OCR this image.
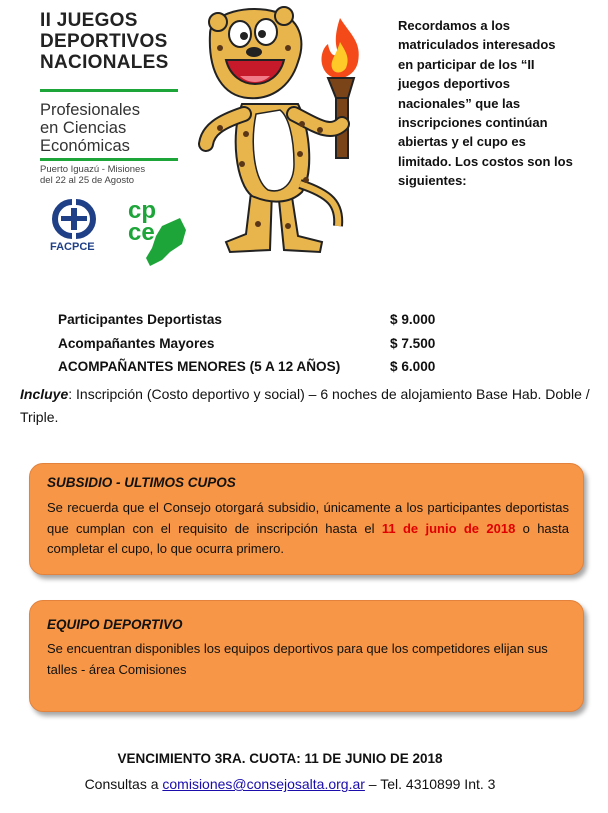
II JUEGOS
DEPORTIVOS
NACIONALES
Profesionales
en Ciencias
Económicas
Puerto Iguazú - Misiones
del 22 al 25 de Agosto
FACPCE
cp
ce
Recordamos a los matriculados interesados en participar de los “II juegos deportivos nacionales” que las inscripciones continúan abiertas y el cupo es limitado. Los costos son los siguientes:
Participantes Deportistas	$ 9.000
Acompañantes Mayores	$ 7.500
ACOMPAÑANTES MENORES (5 A 12 AÑOS)	$ 6.000
Incluye: Inscripción (Costo deportivo y social) – 6 noches de alojamiento Base Hab. Doble / Triple.
SUBSIDIO - ULTIMOS CUPOS
Se recuerda que el Consejo otorgará subsidio, únicamente a los participantes deportistas que cumplan con el requisito de inscripción hasta el 11 de junio de 2018 o hasta completar el cupo, lo que ocurra primero.
EQUIPO DEPORTIVO
Se encuentran disponibles los equipos deportivos para que los competidores elijan sus talles - área Comisiones
VENCIMIENTO 3RA. CUOTA: 11 DE JUNIO DE 2018
Consultas a comisiones@consejosalta.org.ar – Tel. 4310899 Int. 3
